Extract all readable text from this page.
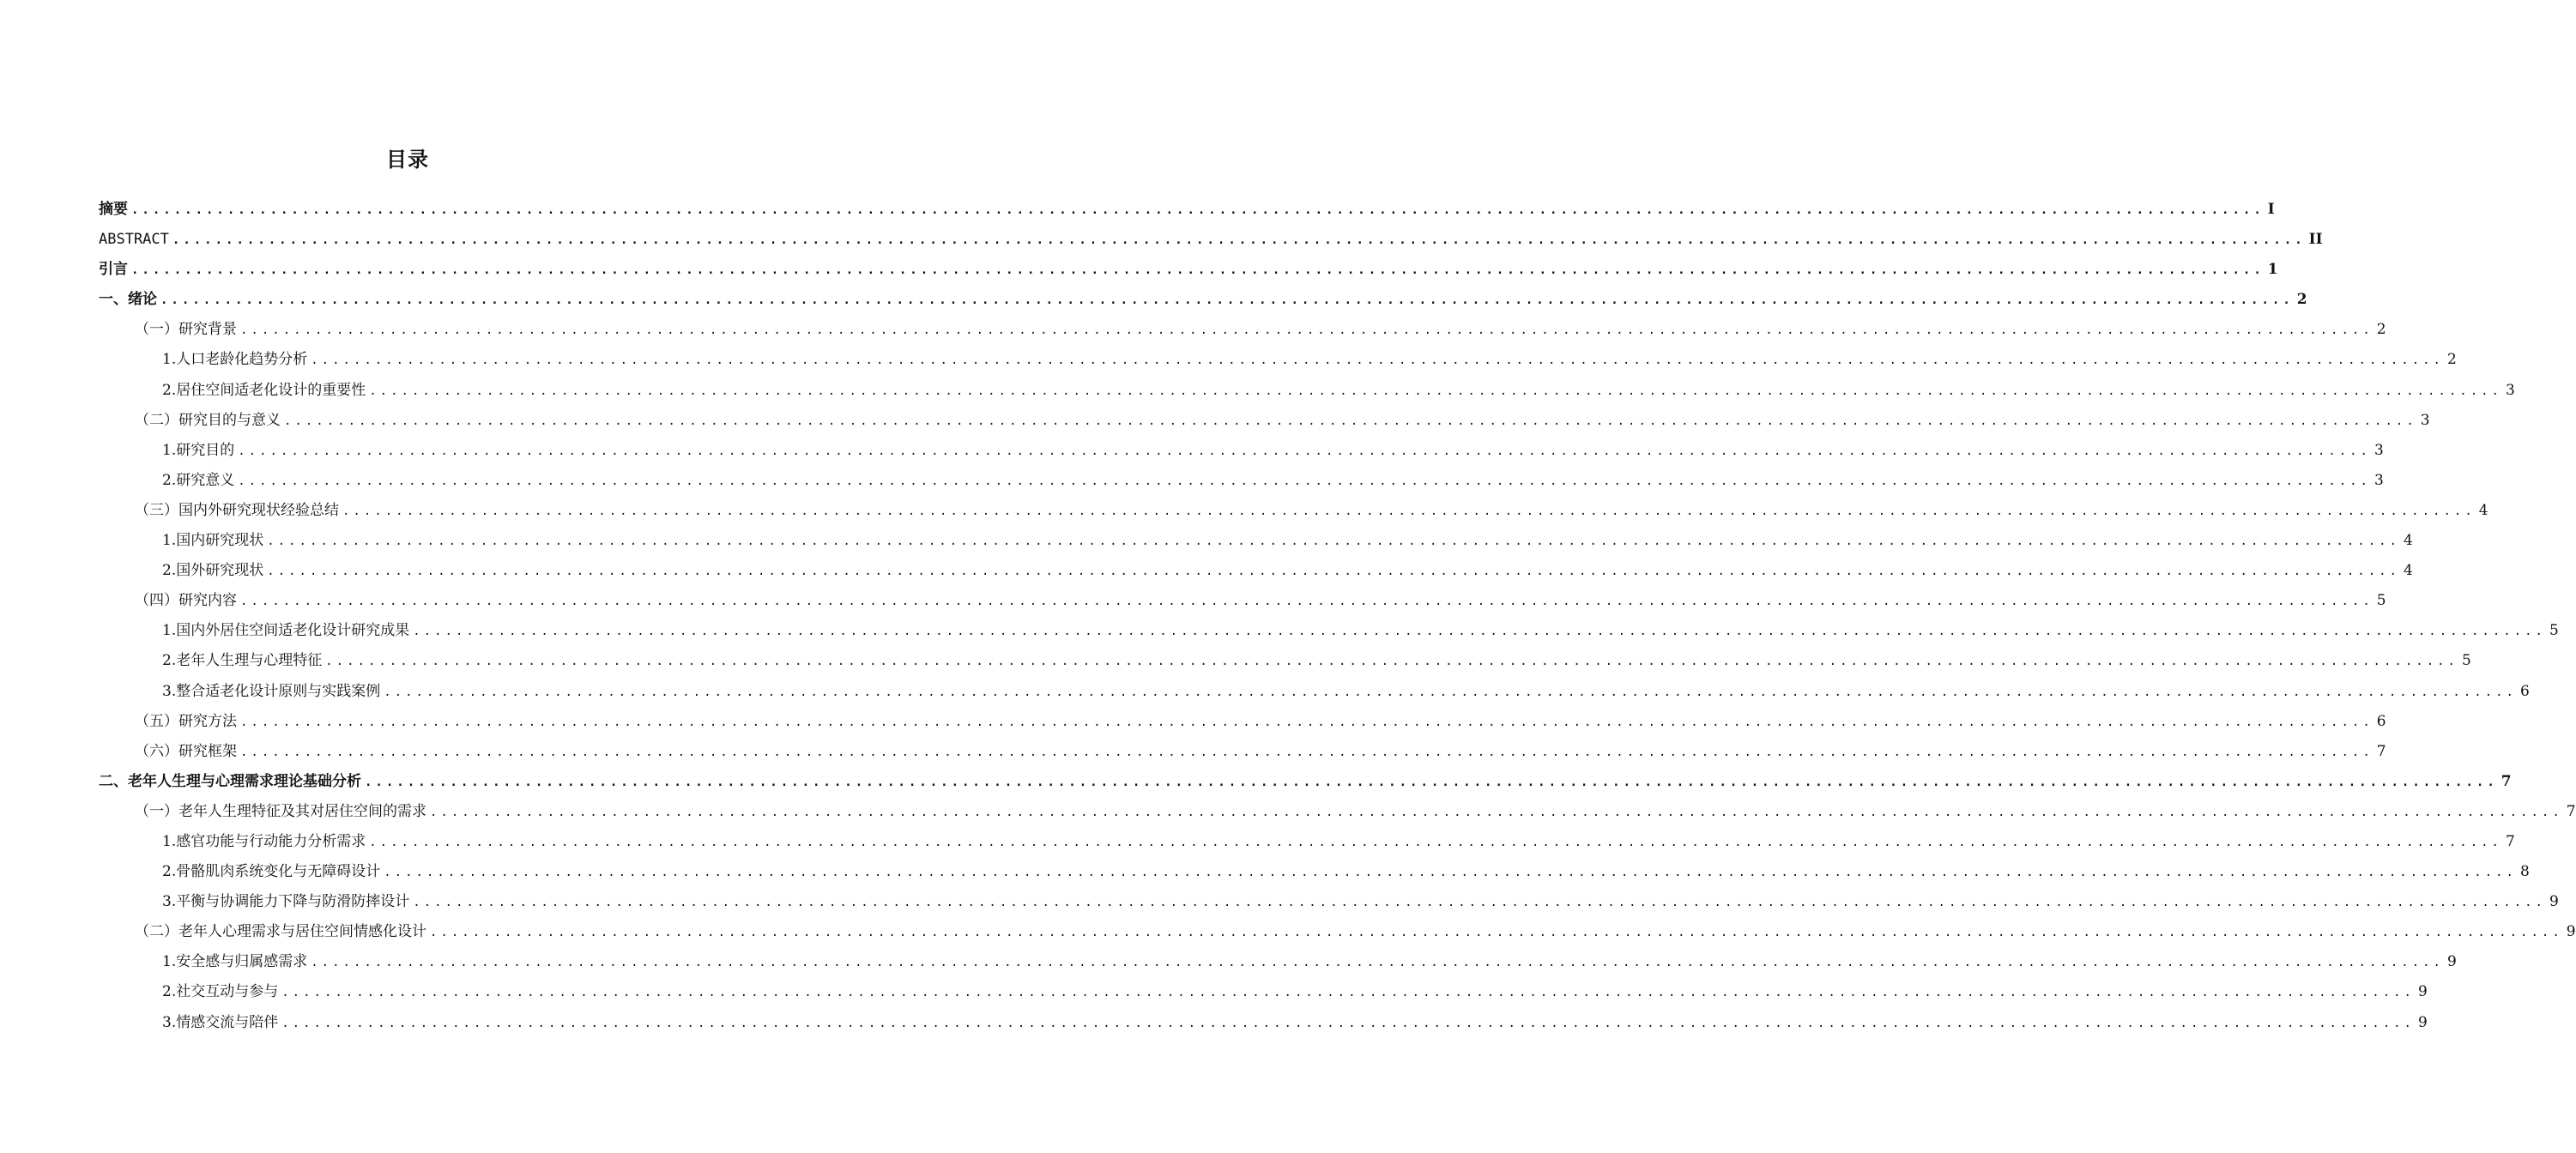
目录
摘要 ........................................................................................................................................................................................................ I
ABSTRACT ........................................................................................................................................................................................................ II
引言 ........................................................................................................................................................................................................ 1
一、绪论 ........................................................................................................................................................................................................ 2
（一）研究背景 ........................................................................................................................................................................................................ 2
1.人口老龄化趋势分析 ........................................................................................................................................................................................................ 2
2.居住空间适老化设计的重要性 ........................................................................................................................................................................................................ 3
（二）研究目的与意义 ........................................................................................................................................................................................................ 3
1.研究目的 ........................................................................................................................................................................................................ 3
2.研究意义 ........................................................................................................................................................................................................ 3
（三）国内外研究现状经验总结 ........................................................................................................................................................................................................ 4
1.国内研究现状 ........................................................................................................................................................................................................ 4
2.国外研究现状 ........................................................................................................................................................................................................ 4
（四）研究内容 ........................................................................................................................................................................................................ 5
1.国内外居住空间适老化设计研究成果 ........................................................................................................................................................................................................ 5
2.老年人生理与心理特征 ........................................................................................................................................................................................................ 5
3.整合适老化设计原则与实践案例 ........................................................................................................................................................................................................ 6
（五）研究方法 ........................................................................................................................................................................................................ 6
（六）研究框架 ........................................................................................................................................................................................................ 7
二、老年人生理与心理需求理论基础分析 ........................................................................................................................................................................................................ 7
（一）老年人生理特征及其对居住空间的需求 ........................................................................................................................................................................................................ 7
1.感官功能与行动能力分析需求 ........................................................................................................................................................................................................ 7
2.骨骼肌肉系统变化与无障碍设计 ........................................................................................................................................................................................................ 8
3.平衡与协调能力下降与防滑防摔设计 ........................................................................................................................................................................................................ 9
（二）老年人心理需求与居住空间情感化设计 ........................................................................................................................................................................................................ 9
1.安全感与归属感需求 ........................................................................................................................................................................................................ 9
2.社交互动与参与 ........................................................................................................................................................................................................ 9
3.情感交流与陪伴 ........................................................................................................................................................................................................ 9
